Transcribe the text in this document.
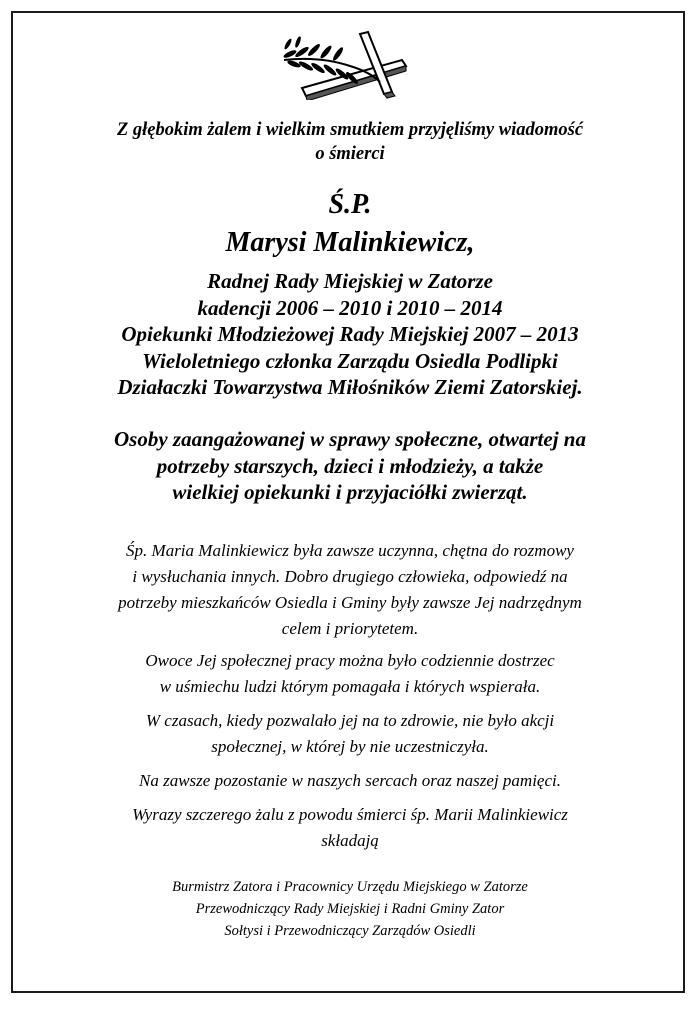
Z głębokim żalem i wielkim smutkiem przyjęliśmy wiadomość
o śmierci
Ś.P.
Marysi Malinkiewicz,
Radnej Rady Miejskiej w Zatorze
kadencji 2006 – 2010 i 2010 – 2014
Opiekunki Młodzieżowej Rady Miejskiej 2007 – 2013
Wieloletniego członka Zarządu Osiedla Podlipki
Działaczki Towarzystwa Miłośników Ziemi Zatorskiej.
Osoby zaangażowanej w sprawy społeczne, otwartej na
potrzeby starszych, dzieci i młodzieży, a także
wielkiej opiekunki i przyjaciółki zwierząt.
Śp. Maria Malinkiewicz była zawsze uczynna, chętna do rozmowy
i wysłuchania innych. Dobro drugiego człowieka, odpowiedź na
potrzeby mieszkańców Osiedla i Gminy były zawsze Jej nadrzędnym
celem i priorytetem.
Owoce Jej społecznej pracy można było codziennie dostrzec
w uśmiechu ludzi którym pomagała i których wspierała.
W czasach, kiedy pozwalało jej na to zdrowie, nie było akcji
społecznej, w której by nie uczestniczyła.
Na zawsze pozostanie w naszych sercach oraz naszej pamięci.
Wyrazy szczerego żalu z powodu śmierci śp. Marii Malinkiewicz
składają
Burmistrz Zatora i Pracownicy Urzędu Miejskiego w Zatorze
Przewodniczący Rady Miejskiej i Radni Gminy Zator
Sołtysi i Przewodniczący Zarządów Osiedli
